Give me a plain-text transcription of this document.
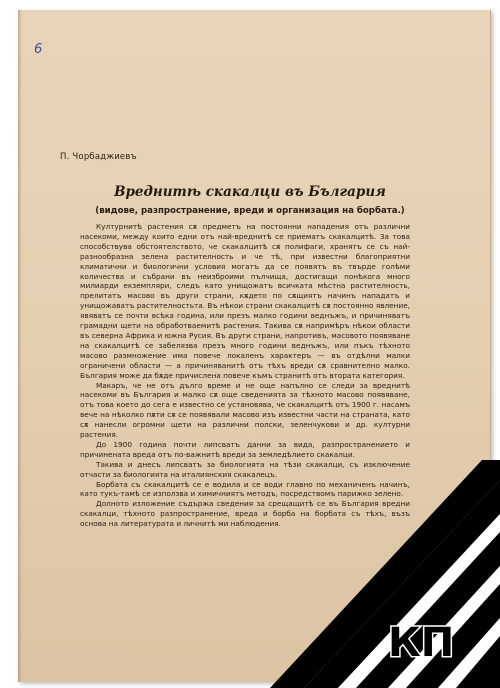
6
П. Чорбаджиевъ
Вреднитѣ скакалци въ България
(видове, разпространение, вреди и организация на борбата.)

Културнитѣ растения сѫ предметъ на постоянни нападения отъ различни насекоми, между които едни отъ най-вреднитѣ се приематъ скакалцитѣ. За това способствува обстоятелството, че скакалцитѣ сѫ полифаги, хранятъ се съ най-разнообразна зелена растителность и че тѣ, при известни благоприятни климатични и биологични условия могатъ да се появятъ въ твърде голѣми количества и събрани въ неизброими пълчища, достигащи понѣкога много милиарди екземпляри, следъ като унищожатъ всичката мѣстна растителность, прелитатъ масово въ други страни, кѫдето по сѫщиятъ начинъ нападатъ и унищожаватъ растителностьта. Въ нѣкои страни скакалцитѣ сѫ постоянно явление, явяватъ се почти всѣка година, или презъ малко години веднъжъ, и причиняватъ грамадни щети на обработваемитѣ растения. Такива сѫ напримѣръ нѣкои области въ северна Африка и южна Русия. Въ други страни, напротивъ, масовото появяване на скакалцитѣ се забелязва презъ много години веднъжъ, или пъкъ тѣхното масово размножение има повече локаленъ характеръ — въ отдѣлни малки ограничени области — а причиняванитѣ отъ тѣхъ вреди сѫ сравнително малко. България може да бѫде причислена повече къмъ странитѣ отъ втората категория.

Макаръ, че не отъ дълго време и не още напълно се следи за вреднитѣ насекоми въ България и малко сѫ още сведенията за тѣхното масово появяване, отъ това което до сега е известно се установява, че скакалцитѣ отъ 1900 г. насамъ вече на нѣколко пѫти сѫ се появявали масово изъ известни части на страната, като сѫ нанесли огромни щети на различни полски, зеленчукови и др. културни растения.

До 1900 година почти липсватъ данни за вида, разпространението и причинената вреда отъ по-важнитѣ вреди за земледѣлието скакалци.

Такива и днесъ липсватъ за биологията на тѣзи скакалци, съ изключение отчасти за биологията на италиянския скакалецъ.

Борбата съ скакалцитѣ се е водила и се води главно по механиченъ начинъ, като тукъ-тамѣ се използва и химичниятъ методъ, посредствомъ парижко зелено.

Долното изложение съдържа сведения за срещащитѣ се въ България вредни скакалци, тѣхното разпространение, вреда и борба на борбата съ тѣхъ, възъ основа на литературата и личнитѣ ми наблюдения.

КП
